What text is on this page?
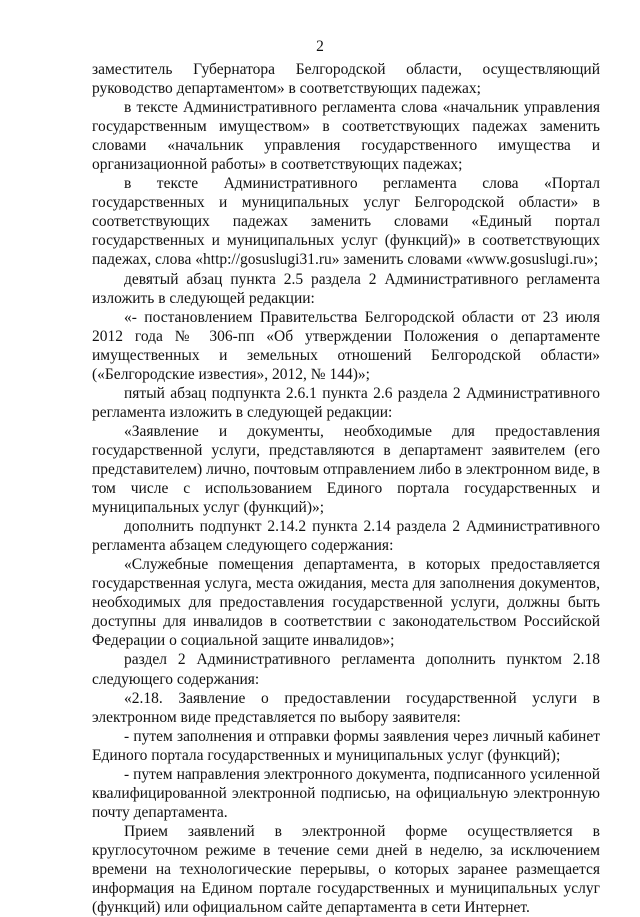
2

заместитель Губернатора Белгородской области, осуществляющий руководство департаментом» в соответствующих падежах;

в тексте Административного регламента слова «начальник управления государственным имуществом» в соответствующих падежах заменить словами «начальник управления государственного имущества и организационной работы» в соответствующих падежах;

в тексте Административного регламента слова «Портал государственных и муниципальных услуг Белгородской области» в соответствующих падежах заменить словами «Единый портал государственных и муниципальных услуг (функций)» в соответствующих падежах, слова «http://gosuslugi31.ru» заменить словами «www.gosuslugi.ru»;

девятый абзац пункта 2.5 раздела 2 Административного регламента изложить в следующей редакции:

«- постановлением Правительства Белгородской области от 23 июля 2012 года № 306-пп «Об утверждении Положения о департаменте имущественных и земельных отношений Белгородской области» («Белгородские известия», 2012, № 144)»;

пятый абзац подпункта 2.6.1 пункта 2.6 раздела 2 Административного регламента изложить в следующей редакции:

«Заявление и документы, необходимые для предоставления государственной услуги, представляются в департамент заявителем (его представителем) лично, почтовым отправлением либо в электронном виде, в том числе с использованием Единого портала государственных и муниципальных услуг (функций)»;

дополнить подпункт 2.14.2 пункта 2.14 раздела 2 Административного регламента абзацем следующего содержания:

«Служебные помещения департамента, в которых предоставляется государственная услуга, места ожидания, места для заполнения документов, необходимых для предоставления государственной услуги, должны быть доступны для инвалидов в соответствии с законодательством Российской Федерации о социальной защите инвалидов»;

раздел 2 Административного регламента дополнить пунктом 2.18 следующего содержания:

«2.18. Заявление о предоставлении государственной услуги в электронном виде представляется по выбору заявителя:

- путем заполнения и отправки формы заявления через личный кабинет Единого портала государственных и муниципальных услуг (функций);

- путем направления электронного документа, подписанного усиленной квалифицированной электронной подписью, на официальную электронную почту департамента.

Прием заявлений в электронной форме осуществляется в круглосуточном режиме в течение семи дней в неделю, за исключением времени на технологические перерывы, о которых заранее размещается информация на Едином портале государственных и муниципальных услуг (функций) или официальном сайте департамента в сети Интернет.
